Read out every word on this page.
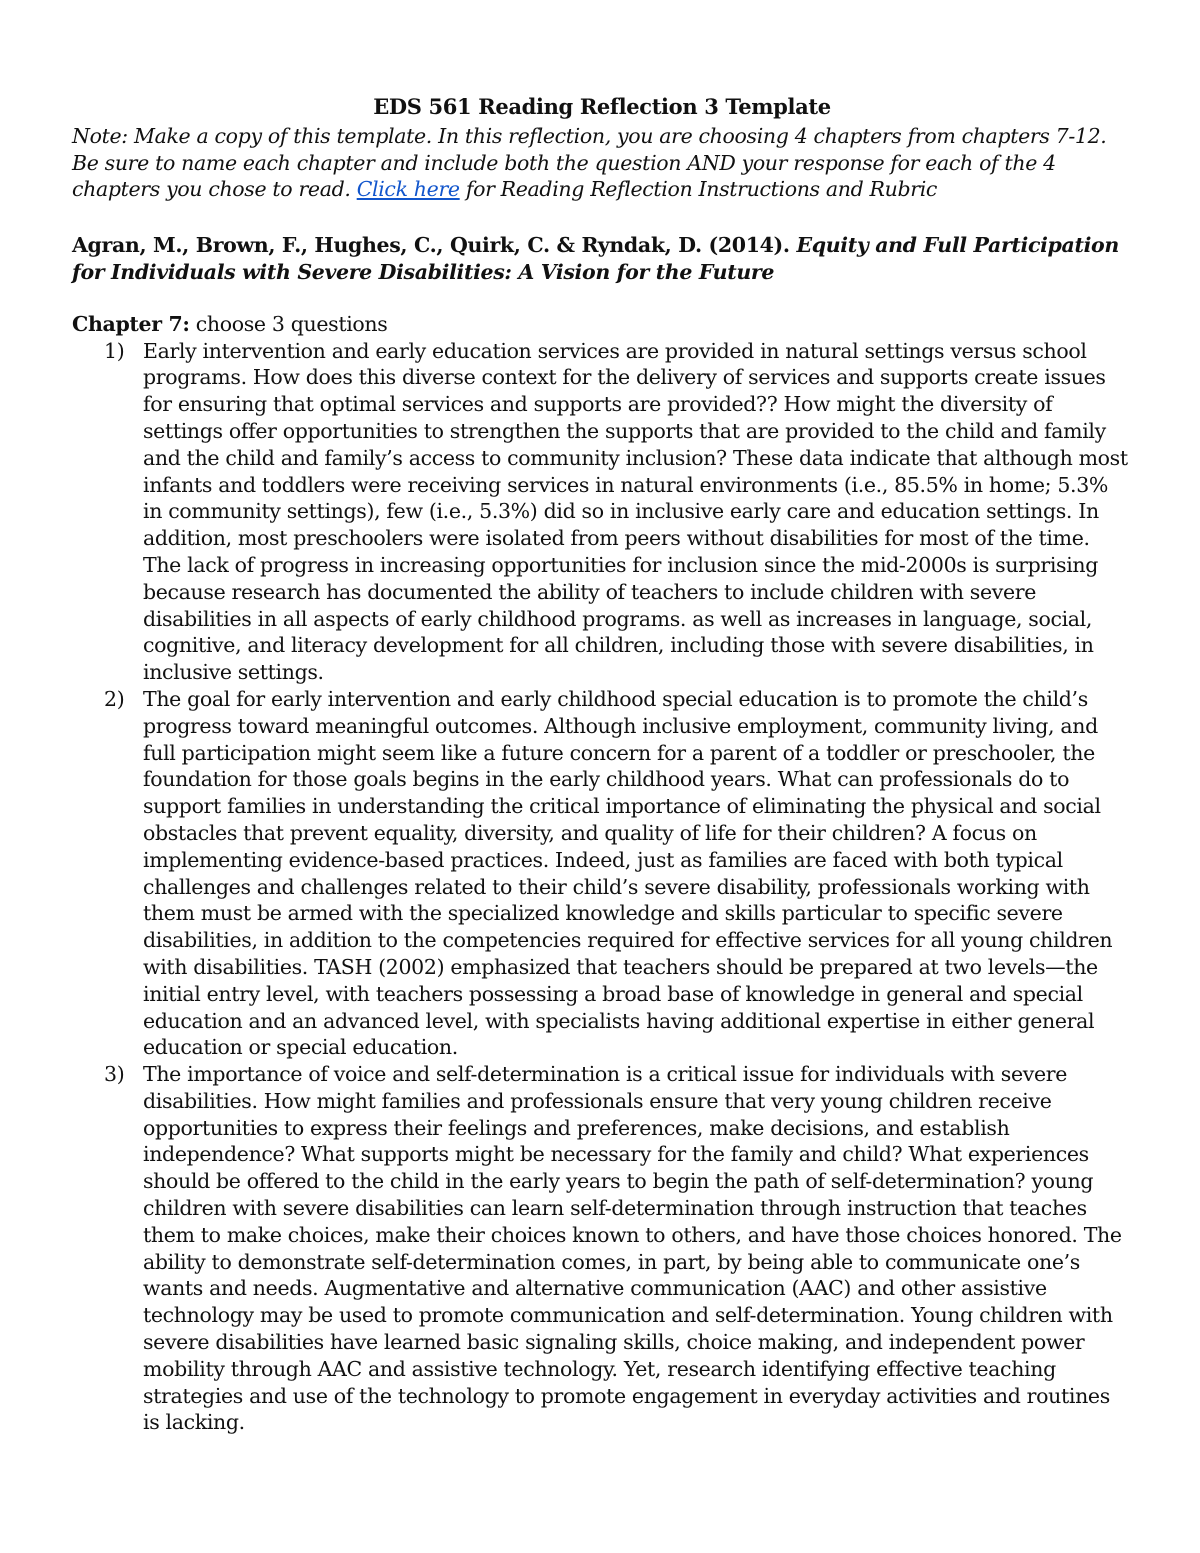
EDS 561 Reading Reflection 3 Template

Note: Make a copy of this template. In this reflection, you are choosing 4 chapters from chapters 7-12. Be sure to name each chapter and include both the question AND your response for each of the 4 chapters you chose to read. Click here for Reading Reflection Instructions and Rubric

Agran, M., Brown, F., Hughes, C., Quirk, C. & Ryndak, D. (2014). Equity and Full Participation for Individuals with Severe Disabilities: A Vision for the Future

Chapter 7: choose 3 questions

1) Early intervention and early education services are provided in natural settings versus school programs. How does this diverse context for the delivery of services and supports create issues for ensuring that optimal services and supports are provided?? How might the diversity of settings offer opportunities to strengthen the supports that are provided to the child and family and the child and family’s access to community inclusion? These data indicate that although most infants and toddlers were receiving services in natural environments (i.e., 85.5% in home; 5.3% in community settings), few (i.e., 5.3%) did so in inclusive early care and education settings. In addition, most preschoolers were isolated from peers without disabilities for most of the time. The lack of progress in increasing opportunities for inclusion since the mid-2000s is surprising because research has documented the ability of teachers to include children with severe disabilities in all aspects of early childhood programs. as well as increases in language, social, cognitive, and literacy development for all children, including those with severe disabilities, in inclusive settings.
2) The goal for early intervention and early childhood special education is to promote the child’s progress toward meaningful outcomes. Although inclusive employment, community living, and full participation might seem like a future concern for a parent of a toddler or preschooler, the foundation for those goals begins in the early childhood years. What can professionals do to support families in understanding the critical importance of eliminating the physical and social obstacles that prevent equality, diversity, and quality of life for their children? A focus on implementing evidence-based practices. Indeed, just as families are faced with both typical challenges and challenges related to their child’s severe disability, professionals working with them must be armed with the specialized knowledge and skills particular to specific severe disabilities, in addition to the competencies required for effective services for all young children with disabilities. TASH (2002) emphasized that teachers should be prepared at two levels—the initial entry level, with teachers possessing a broad base of knowledge in general and special education and an advanced level, with specialists having additional expertise in either general education or special education.
3) The importance of voice and self-determination is a critical issue for individuals with severe disabilities. How might families and professionals ensure that very young children receive opportunities to express their feelings and preferences, make decisions, and establish independence? What supports might be necessary for the family and child? What experiences should be offered to the child in the early years to begin the path of self-determination? young children with severe disabilities can learn self-determination through instruction that teaches them to make choices, make their choices known to others, and have those choices honored. The ability to demonstrate self-determination comes, in part, by being able to communicate one’s wants and needs. Augmentative and alternative communication (AAC) and other assistive technology may be used to promote communication and self-determination. Young children with severe disabilities have learned basic signaling skills, choice making, and independent power mobility through AAC and assistive technology. Yet, research identifying effective teaching strategies and use of the technology to promote engagement in everyday activities and routines is lacking.
